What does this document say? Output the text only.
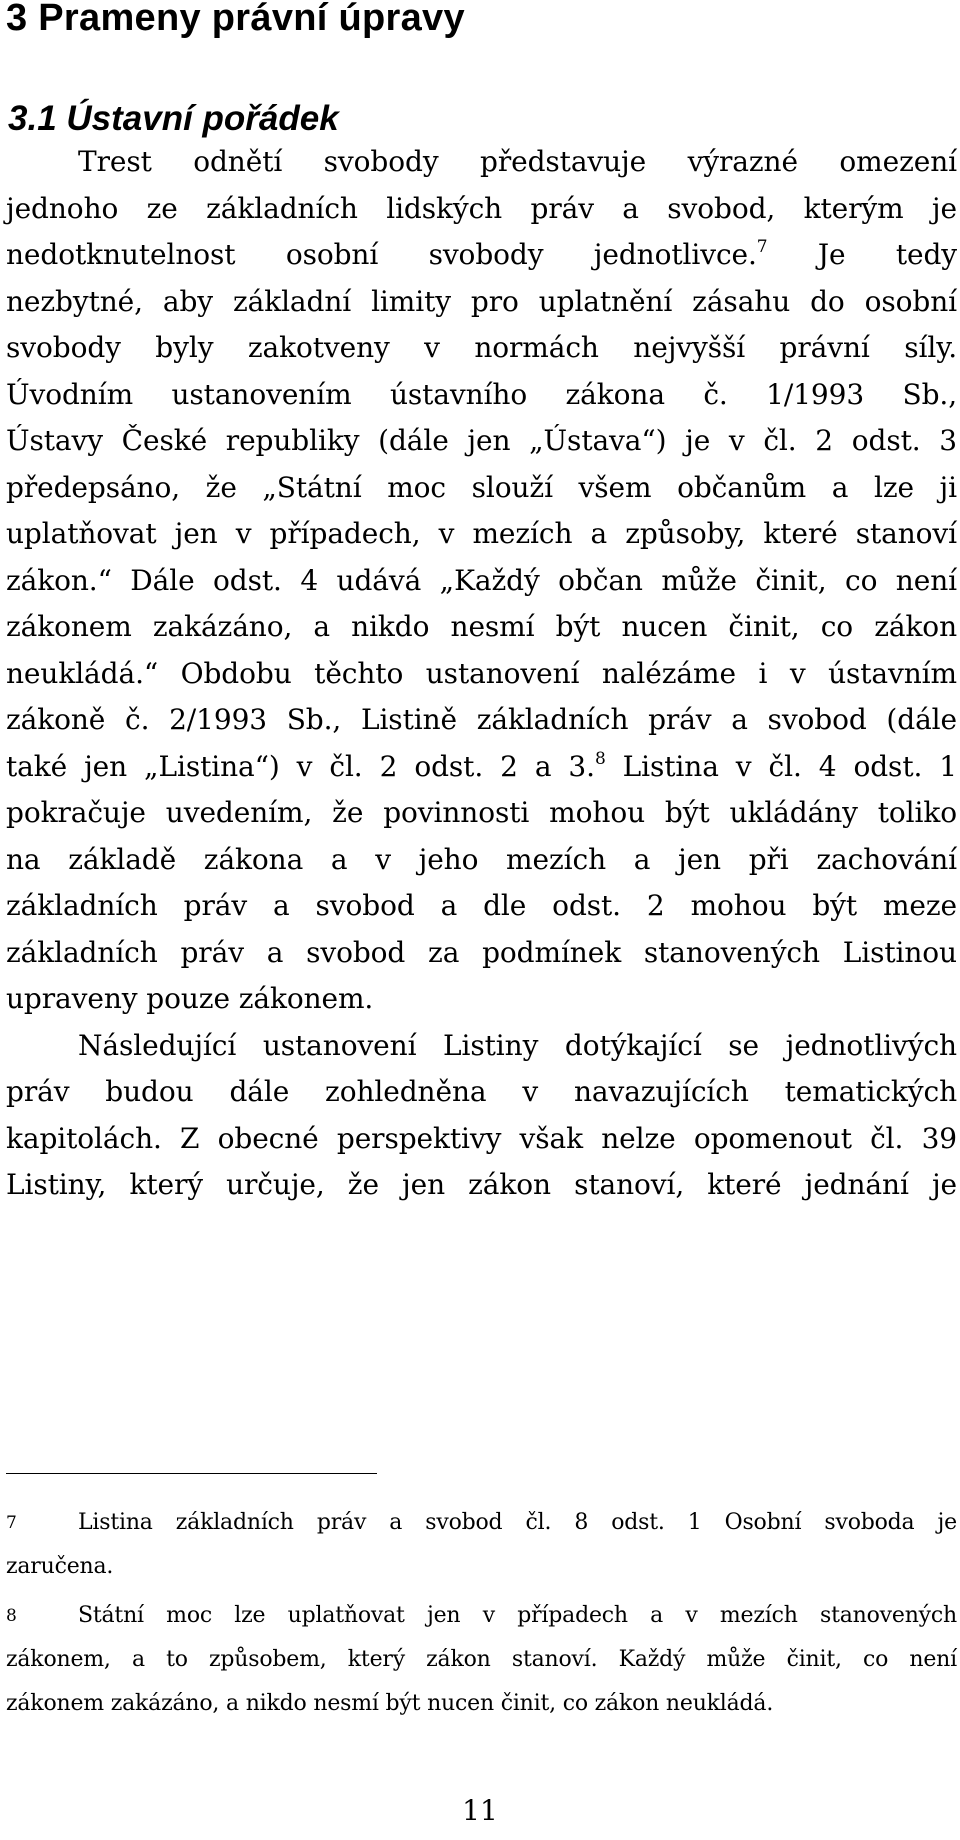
3 Prameny právní úpravy
3.1 Ústavní pořádek

Trest odnětí svobody představuje výrazné omezení

jednoho ze základních lidských práv a svobod, kterým je

nedotknutelnost osobní svobody jednotlivce.$^7$ Je tedy

nezbytné, aby základní limity pro uplatnění zásahu do osobní

svobody byly zakotveny v normách nejvyšší právní síly.

Úvodním ustanovením ústavního zákona č. 1/1993 Sb.,

Ústavy České republiky (dále jen „Ústava“) je v čl. 2 odst. 3

předepsáno, že „Státní moc slouží všem občanům a lze ji

uplatňovat jen v případech, v mezích a způsoby, které stanoví

zákon.“ Dále odst. 4 udává „Každý občan může činit, co není

zákonem zakázáno, a nikdo nesmí být nucen činit, co zákon

neukládá.“ Obdobu těchto ustanovení nalézáme i v ústavním

zákoně č. 2/1993 Sb., Listině základních práv a svobod (dále

také jen „Listina“) v čl. 2 odst. 2 a 3.$^8$ Listina v čl. 4 odst. 1

pokračuje uvedením, že povinnosti mohou být ukládány toliko

na základě zákona a v jeho mezích a jen při zachování

základních práv a svobod a dle odst. 2 mohou být meze

základních práv a svobod za podmínek stanovených Listinou

upraveny pouze zákonem.

Následující ustanovení Listiny dotýkající se jednotlivých

práv budou dále zohledněna v navazujících tematických

kapitolách. Z obecné perspektivy však nelze opomenout čl. 39

Listiny, který určuje, že jen zákon stanoví, které jednání je

7	Listina základních práv a svobod čl. 8 odst. 1 Osobní svoboda je

zaručena.

8	Státní moc lze uplatňovat jen v případech a v mezích stanovených

zákonem, a to způsobem, který zákon stanoví. Každý může činit, co není

zákonem zakázáno, a nikdo nesmí být nucen činit, co zákon neukládá.

11
